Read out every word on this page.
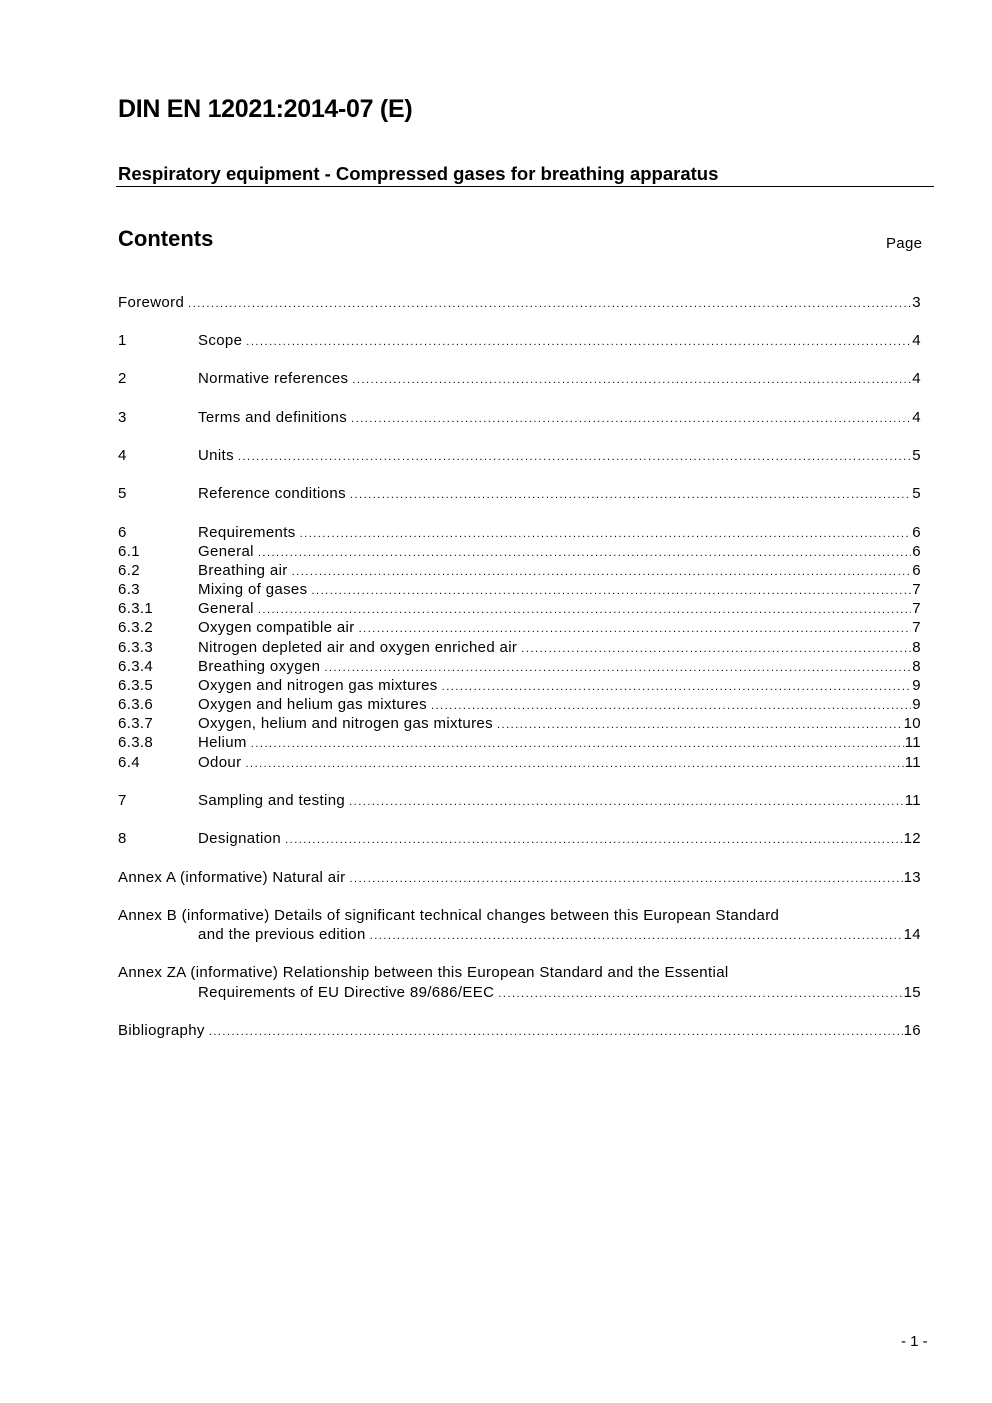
DIN EN 12021:2014-07 (E)
Respiratory equipment - Compressed gases for breathing apparatus
Contents	Page
Foreword .....	3
1	Scope .....	4
2	Normative references .....	4
3	Terms and definitions .....	4
4	Units .....	5
5	Reference conditions .....	5
6	Requirements .....	6
6.1	General .....	6
6.2	Breathing air .....	6
6.3	Mixing of gases .....	7
6.3.1	General .....	7
6.3.2	Oxygen compatible air .....	7
6.3.3	Nitrogen depleted air and oxygen enriched air .....	8
6.3.4	Breathing oxygen .....	8
6.3.5	Oxygen and nitrogen gas mixtures .....	9
6.3.6	Oxygen and helium gas mixtures .....	9
6.3.7	Oxygen, helium and nitrogen gas mixtures .....	10
6.3.8	Helium .....	11
6.4	Odour .....	11
7	Sampling and testing .....	11
8	Designation .....	12
Annex A (informative) Natural air .....	13
Annex B (informative) Details of significant technical changes between this European Standard
and the previous edition .....	14
Annex ZA (informative) Relationship between this European Standard and the Essential
Requirements of EU Directive 89/686/EEC .....	15
Bibliography .....	16
- 1 -
